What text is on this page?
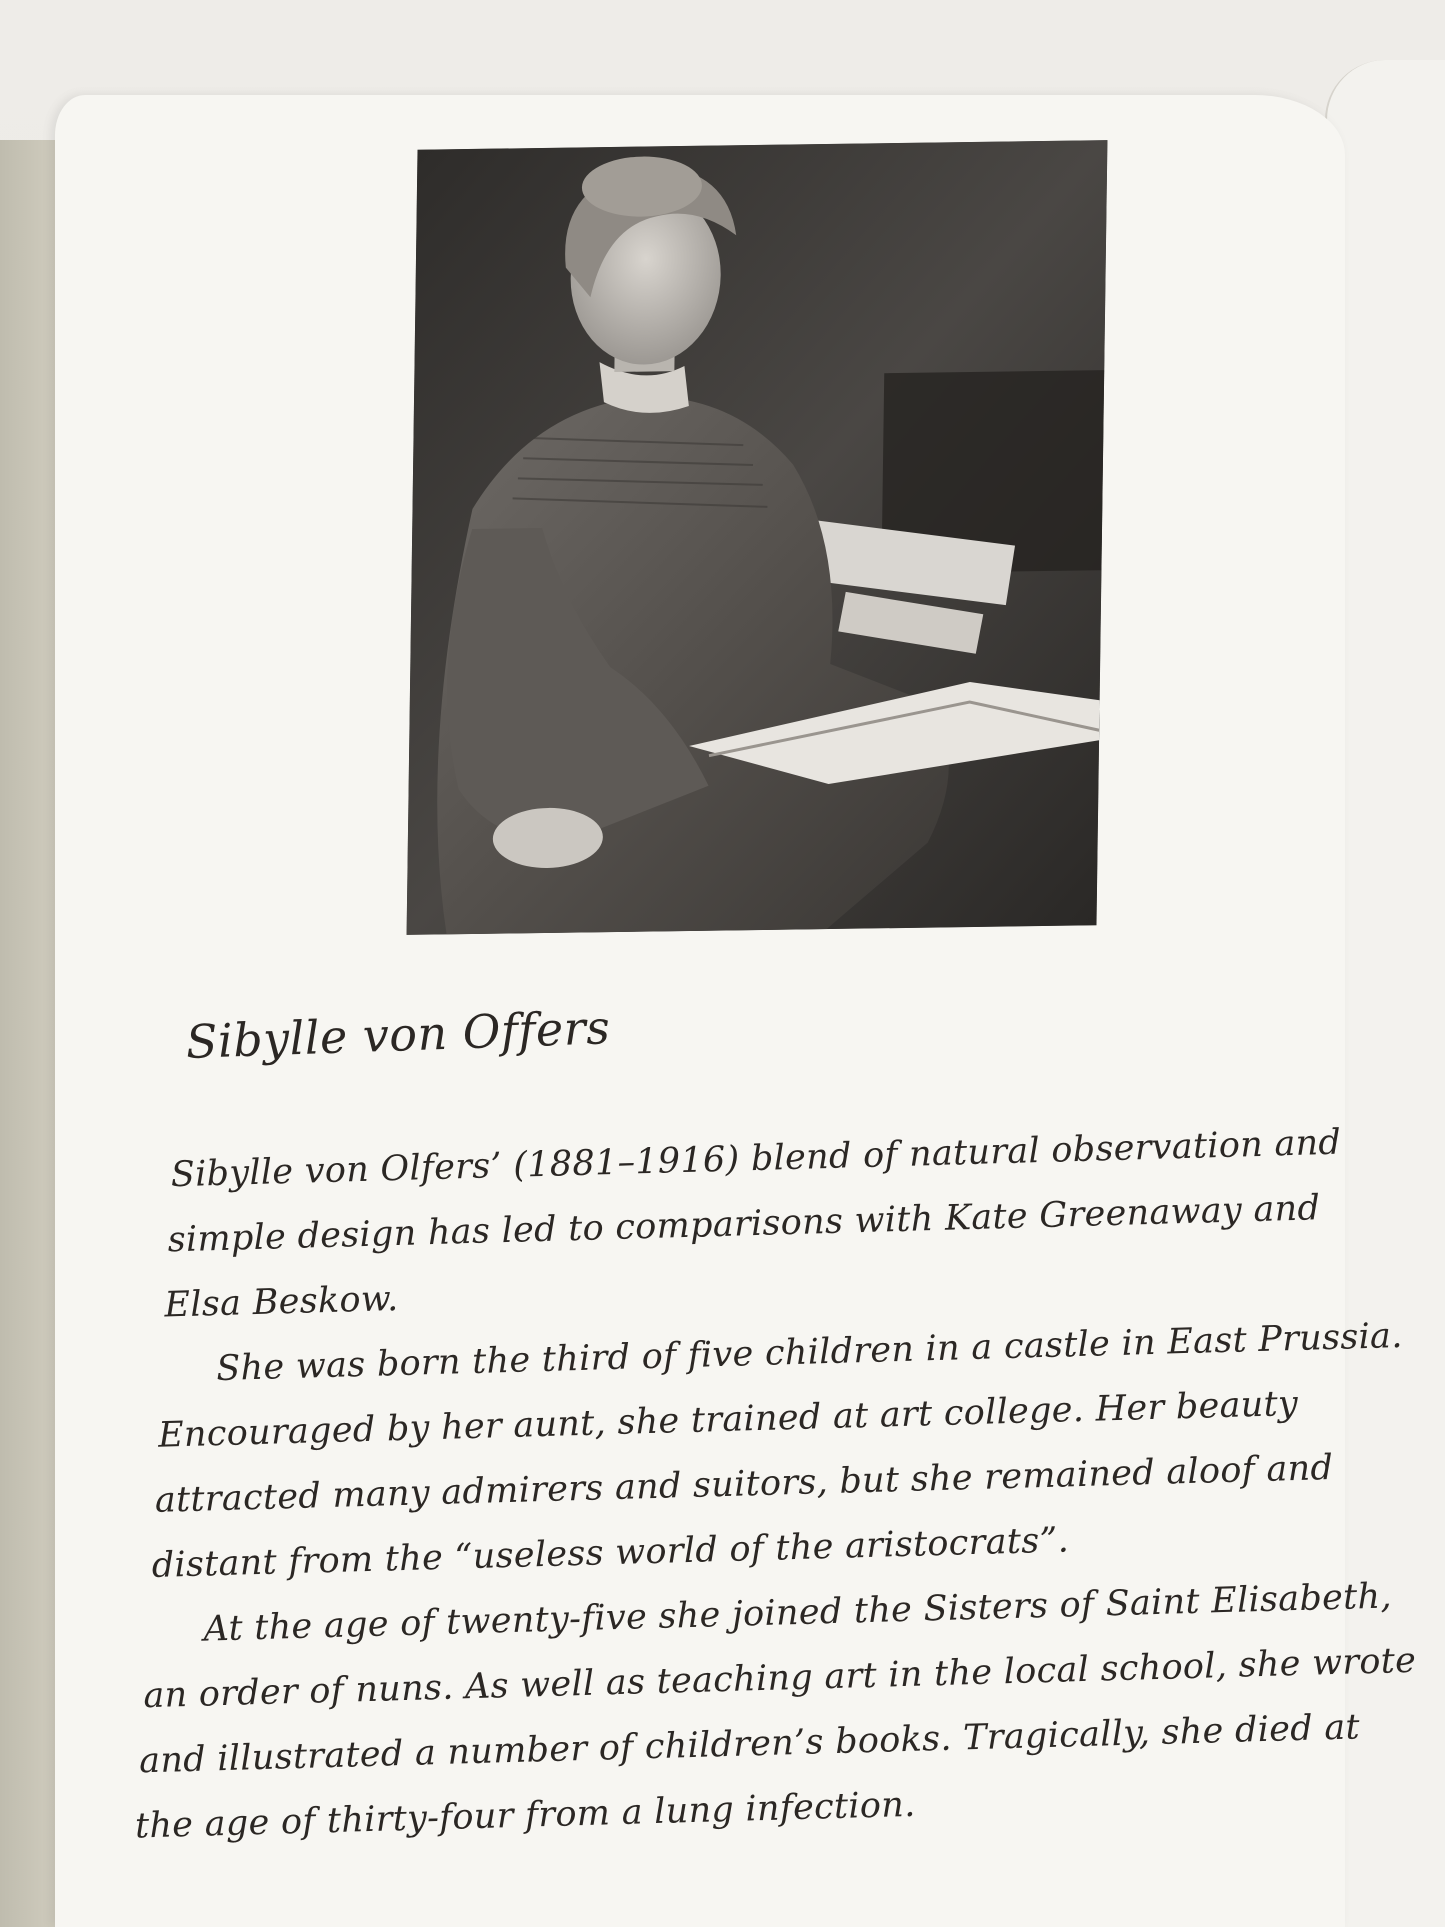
Sibylle von Offers
Sibylle von Olfers’ (1881–1916) blend of natural observation and
simple design has led to comparisons with Kate Greenaway and
Elsa Beskow.
She was born the third of five children in a castle in East Prussia.
Encouraged by her aunt, she trained at art college. Her beauty
attracted many admirers and suitors, but she remained aloof and
distant from the “useless world of the aristocrats”.
At the age of twenty-five she joined the Sisters of Saint Elisabeth,
an order of nuns. As well as teaching art in the local school, she wrote
and illustrated a number of children’s books. Tragically, she died at
the age of thirty-four from a lung infection.
